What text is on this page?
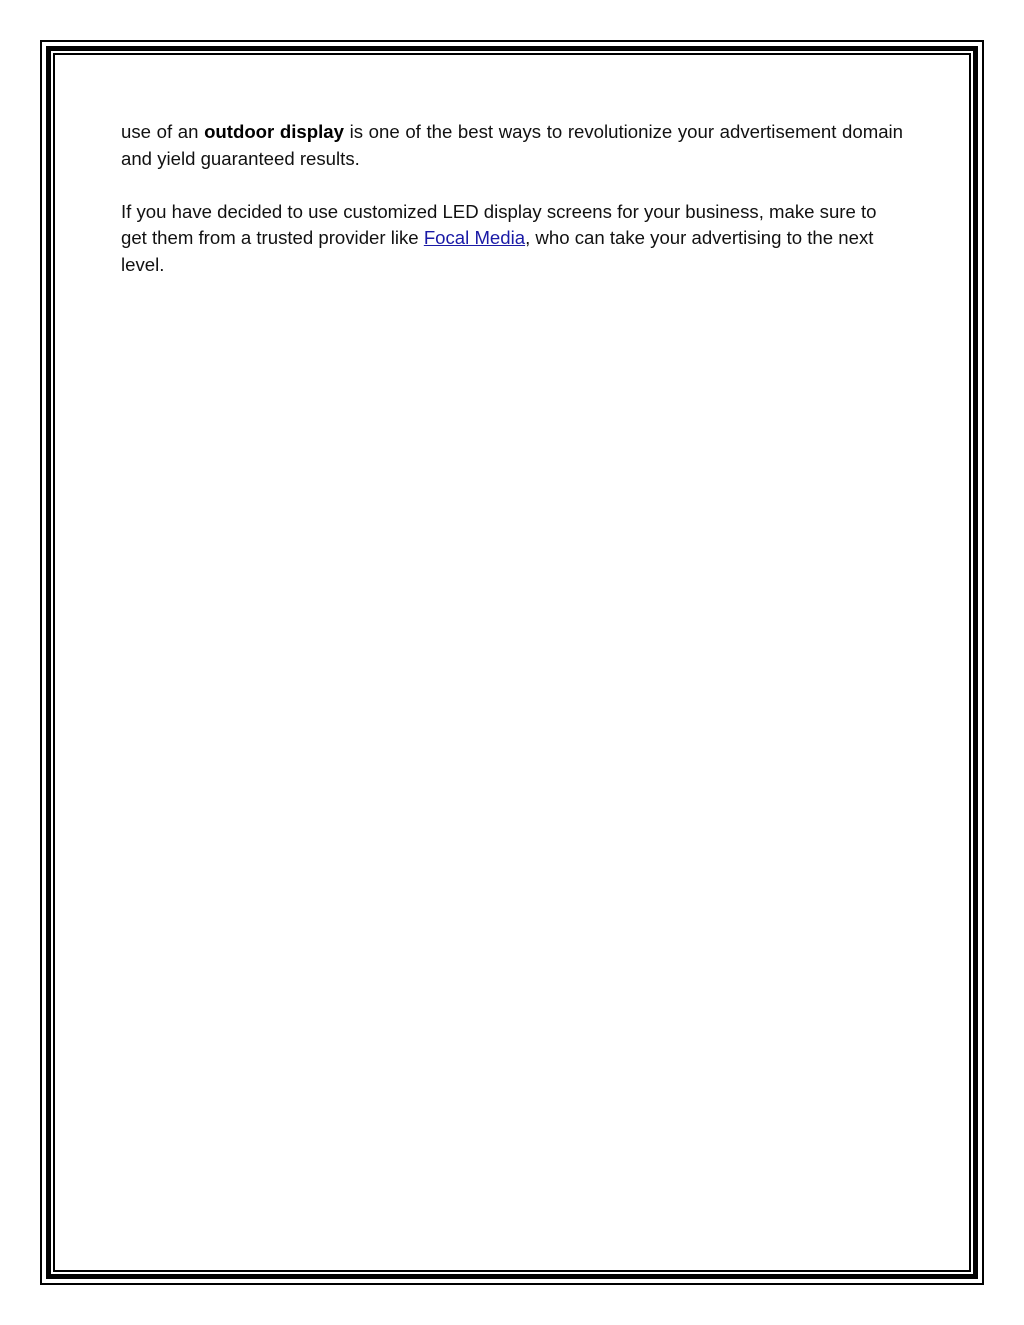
use of an outdoor display is one of the best ways to revolutionize your advertisement domain and yield guaranteed results.

If you have decided to use customized LED display screens for your business, make sure to get them from a trusted provider like Focal Media, who can take your advertising to the next level.
